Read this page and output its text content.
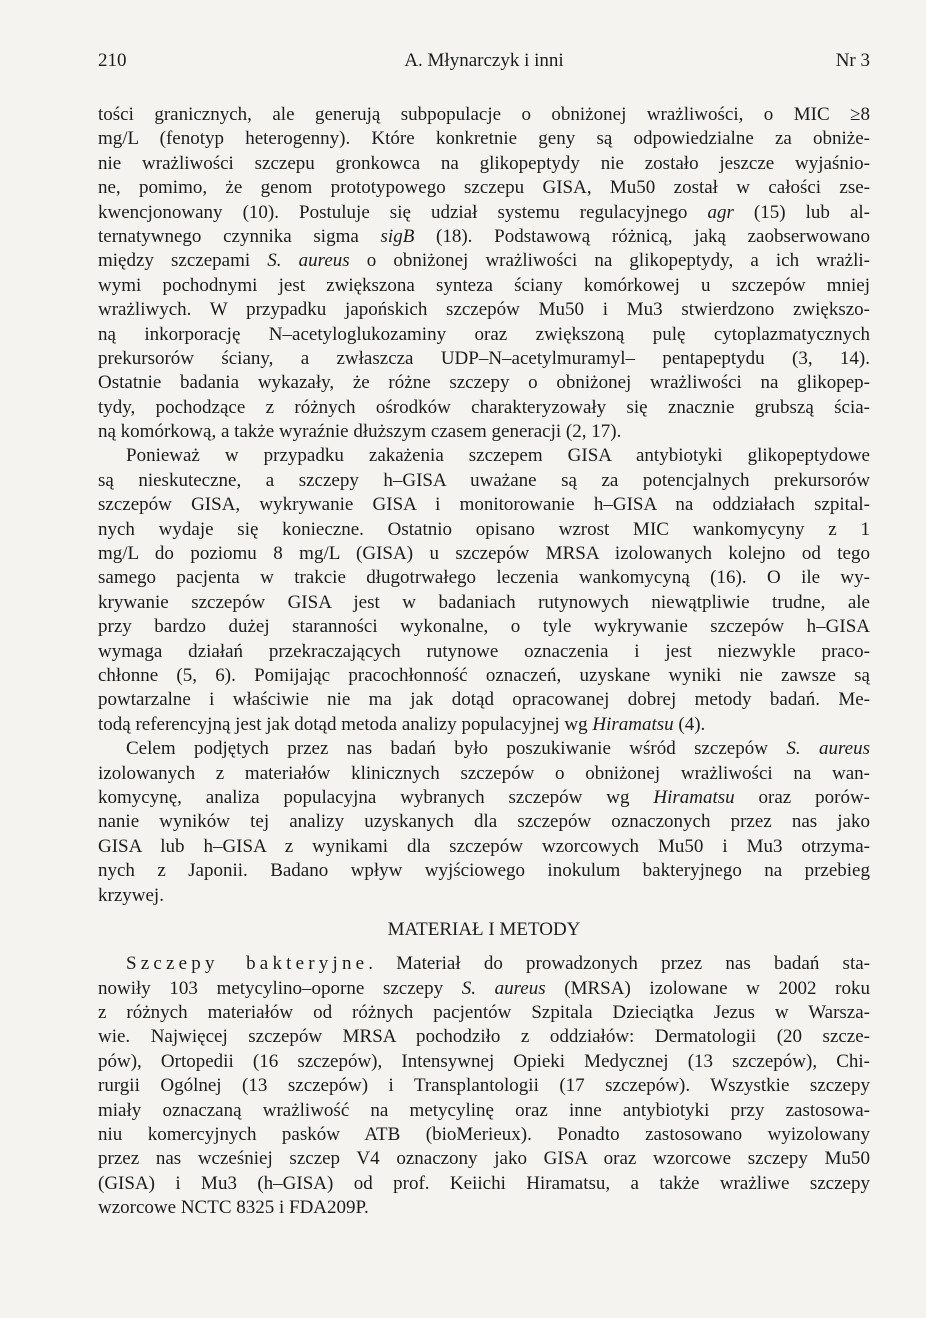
210	A. Młynarczyk i inni	Nr 3
tości granicznych, ale generują subpopulacje o obniżonej wrażliwości, o MIC ≥8
mg/L (fenotyp heterogenny). Które konkretnie geny są odpowiedzialne za obniże-
nie wrażliwości szczepu gronkowca na glikopeptydy nie zostało jeszcze wyjaśnio-
ne, pomimo, że genom prototypowego szczepu GISA, Mu50 został w całości zse-
kwencjonowany (10). Postuluje się udział systemu regulacyjnego agr (15) lub al-
ternatywnego czynnika sigma sigB (18). Podstawową różnicą, jaką zaobserwowano
między szczepami S. aureus o obniżonej wrażliwości na glikopeptydy, a ich wrażli-
wymi pochodnymi jest zwiększona synteza ściany komórkowej u szczepów mniej
wrażliwych. W przypadku japońskich szczepów Mu50 i Mu3 stwierdzono zwiększo-
ną inkorporację N–acetyloglukozaminy oraz zwiększoną pulę cytoplazmatycznych
prekursorów ściany, a zwłaszcza UDP–N–acetylmuramyl– pentapeptydu (3, 14).
Ostatnie badania wykazały, że różne szczepy o obniżonej wrażliwości na glikopep-
tydy, pochodzące z różnych ośrodków charakteryzowały się znacznie grubszą ścia-
ną komórkową, a także wyraźnie dłuższym czasem generacji (2, 17).
Ponieważ w przypadku zakażenia szczepem GISA antybiotyki glikopeptydowe
są nieskuteczne, a szczepy h–GISA uważane są za potencjalnych prekursorów
szczepów GISA, wykrywanie GISA i monitorowanie h–GISA na oddziałach szpital-
nych wydaje się konieczne. Ostatnio opisano wzrost MIC wankomycyny z 1
mg/L do poziomu 8 mg/L (GISA) u szczepów MRSA izolowanych kolejno od tego
samego pacjenta w trakcie długotrwałego leczenia wankomycyną (16). O ile wy-
krywanie szczepów GISA jest w badaniach rutynowych niewątpliwie trudne, ale
przy bardzo dużej staranności wykonalne, o tyle wykrywanie szczepów h–GISA
wymaga działań przekraczających rutynowe oznaczenia i jest niezwykle praco-
chłonne (5, 6). Pomijając pracochłonność oznaczeń, uzyskane wyniki nie zawsze są
powtarzalne i właściwie nie ma jak dotąd opracowanej dobrej metody badań. Me-
todą referencyjną jest jak dotąd metoda analizy populacyjnej wg Hiramatsu (4).
Celem podjętych przez nas badań było poszukiwanie wśród szczepów S. aureus
izolowanych z materiałów klinicznych szczepów o obniżonej wrażliwości na wan-
komycynę, analiza populacyjna wybranych szczepów wg Hiramatsu oraz porów-
nanie wyników tej analizy uzyskanych dla szczepów oznaczonych przez nas jako
GISA lub h–GISA z wynikami dla szczepów wzorcowych Mu50 i Mu3 otrzyma-
nych z Japonii. Badano wpływ wyjściowego inokulum bakteryjnego na przebieg
krzywej.
MATERIAŁ I METODY
Szczepy bakteryjne. Materiał do prowadzonych przez nas badań sta-
nowiły 103 metycylino–oporne szczepy S. aureus (MRSA) izolowane w 2002 roku
z różnych materiałów od różnych pacjentów Szpitala Dzieciątka Jezus w Warsza-
wie. Najwięcej szczepów MRSA pochodziło z oddziałów: Dermatologii (20 szcze-
pów), Ortopedii (16 szczepów), Intensywnej Opieki Medycznej (13 szczepów), Chi-
rurgii Ogólnej (13 szczepów) i Transplantologii (17 szczepów). Wszystkie szczepy
miały oznaczaną wrażliwość na metycylinę oraz inne antybiotyki przy zastosowa-
niu komercyjnych pasków ATB (bioMerieux). Ponadto zastosowano wyizolowany
przez nas wcześniej szczep V4 oznaczony jako GISA oraz wzorcowe szczepy Mu50
(GISA) i Mu3 (h–GISA) od prof. Keiichi Hiramatsu, a także wrażliwe szczepy
wzorcowe NCTC 8325 i FDA209P.
